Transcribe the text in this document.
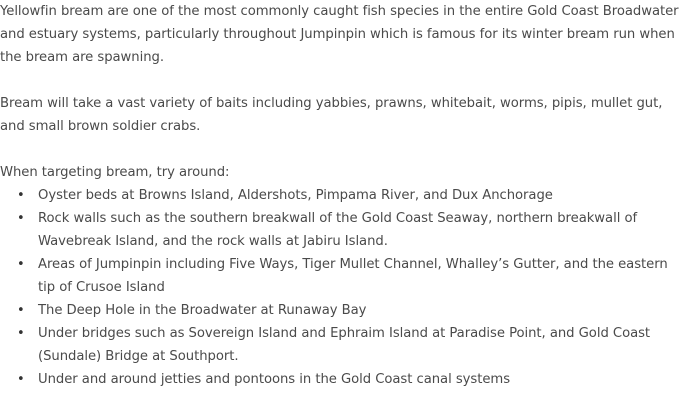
Yellowfin bream are one of the most commonly caught fish species in the entire Gold Coast Broadwater and estuary systems, particularly throughout Jumpinpin which is famous for its winter bream run when the bream are spawning.

Bream will take a vast variety of baits including yabbies, prawns, whitebait, worms, pipis, mullet gut, and small brown soldier crabs.

When targeting bream, try around:

• Oyster beds at Browns Island, Aldershots, Pimpama River, and Dux Anchorage
• Rock walls such as the southern breakwall of the Gold Coast Seaway, northern breakwall of Wavebreak Island, and the rock walls at Jabiru Island.
• Areas of Jumpinpin including Five Ways, Tiger Mullet Channel, Whalley’s Gutter, and the eastern tip of Crusoe Island
• The Deep Hole in the Broadwater at Runaway Bay
• Under bridges such as Sovereign Island and Ephraim Island at Paradise Point, and Gold Coast (Sundale) Bridge at Southport.
• Under and around jetties and pontoons in the Gold Coast canal systems
